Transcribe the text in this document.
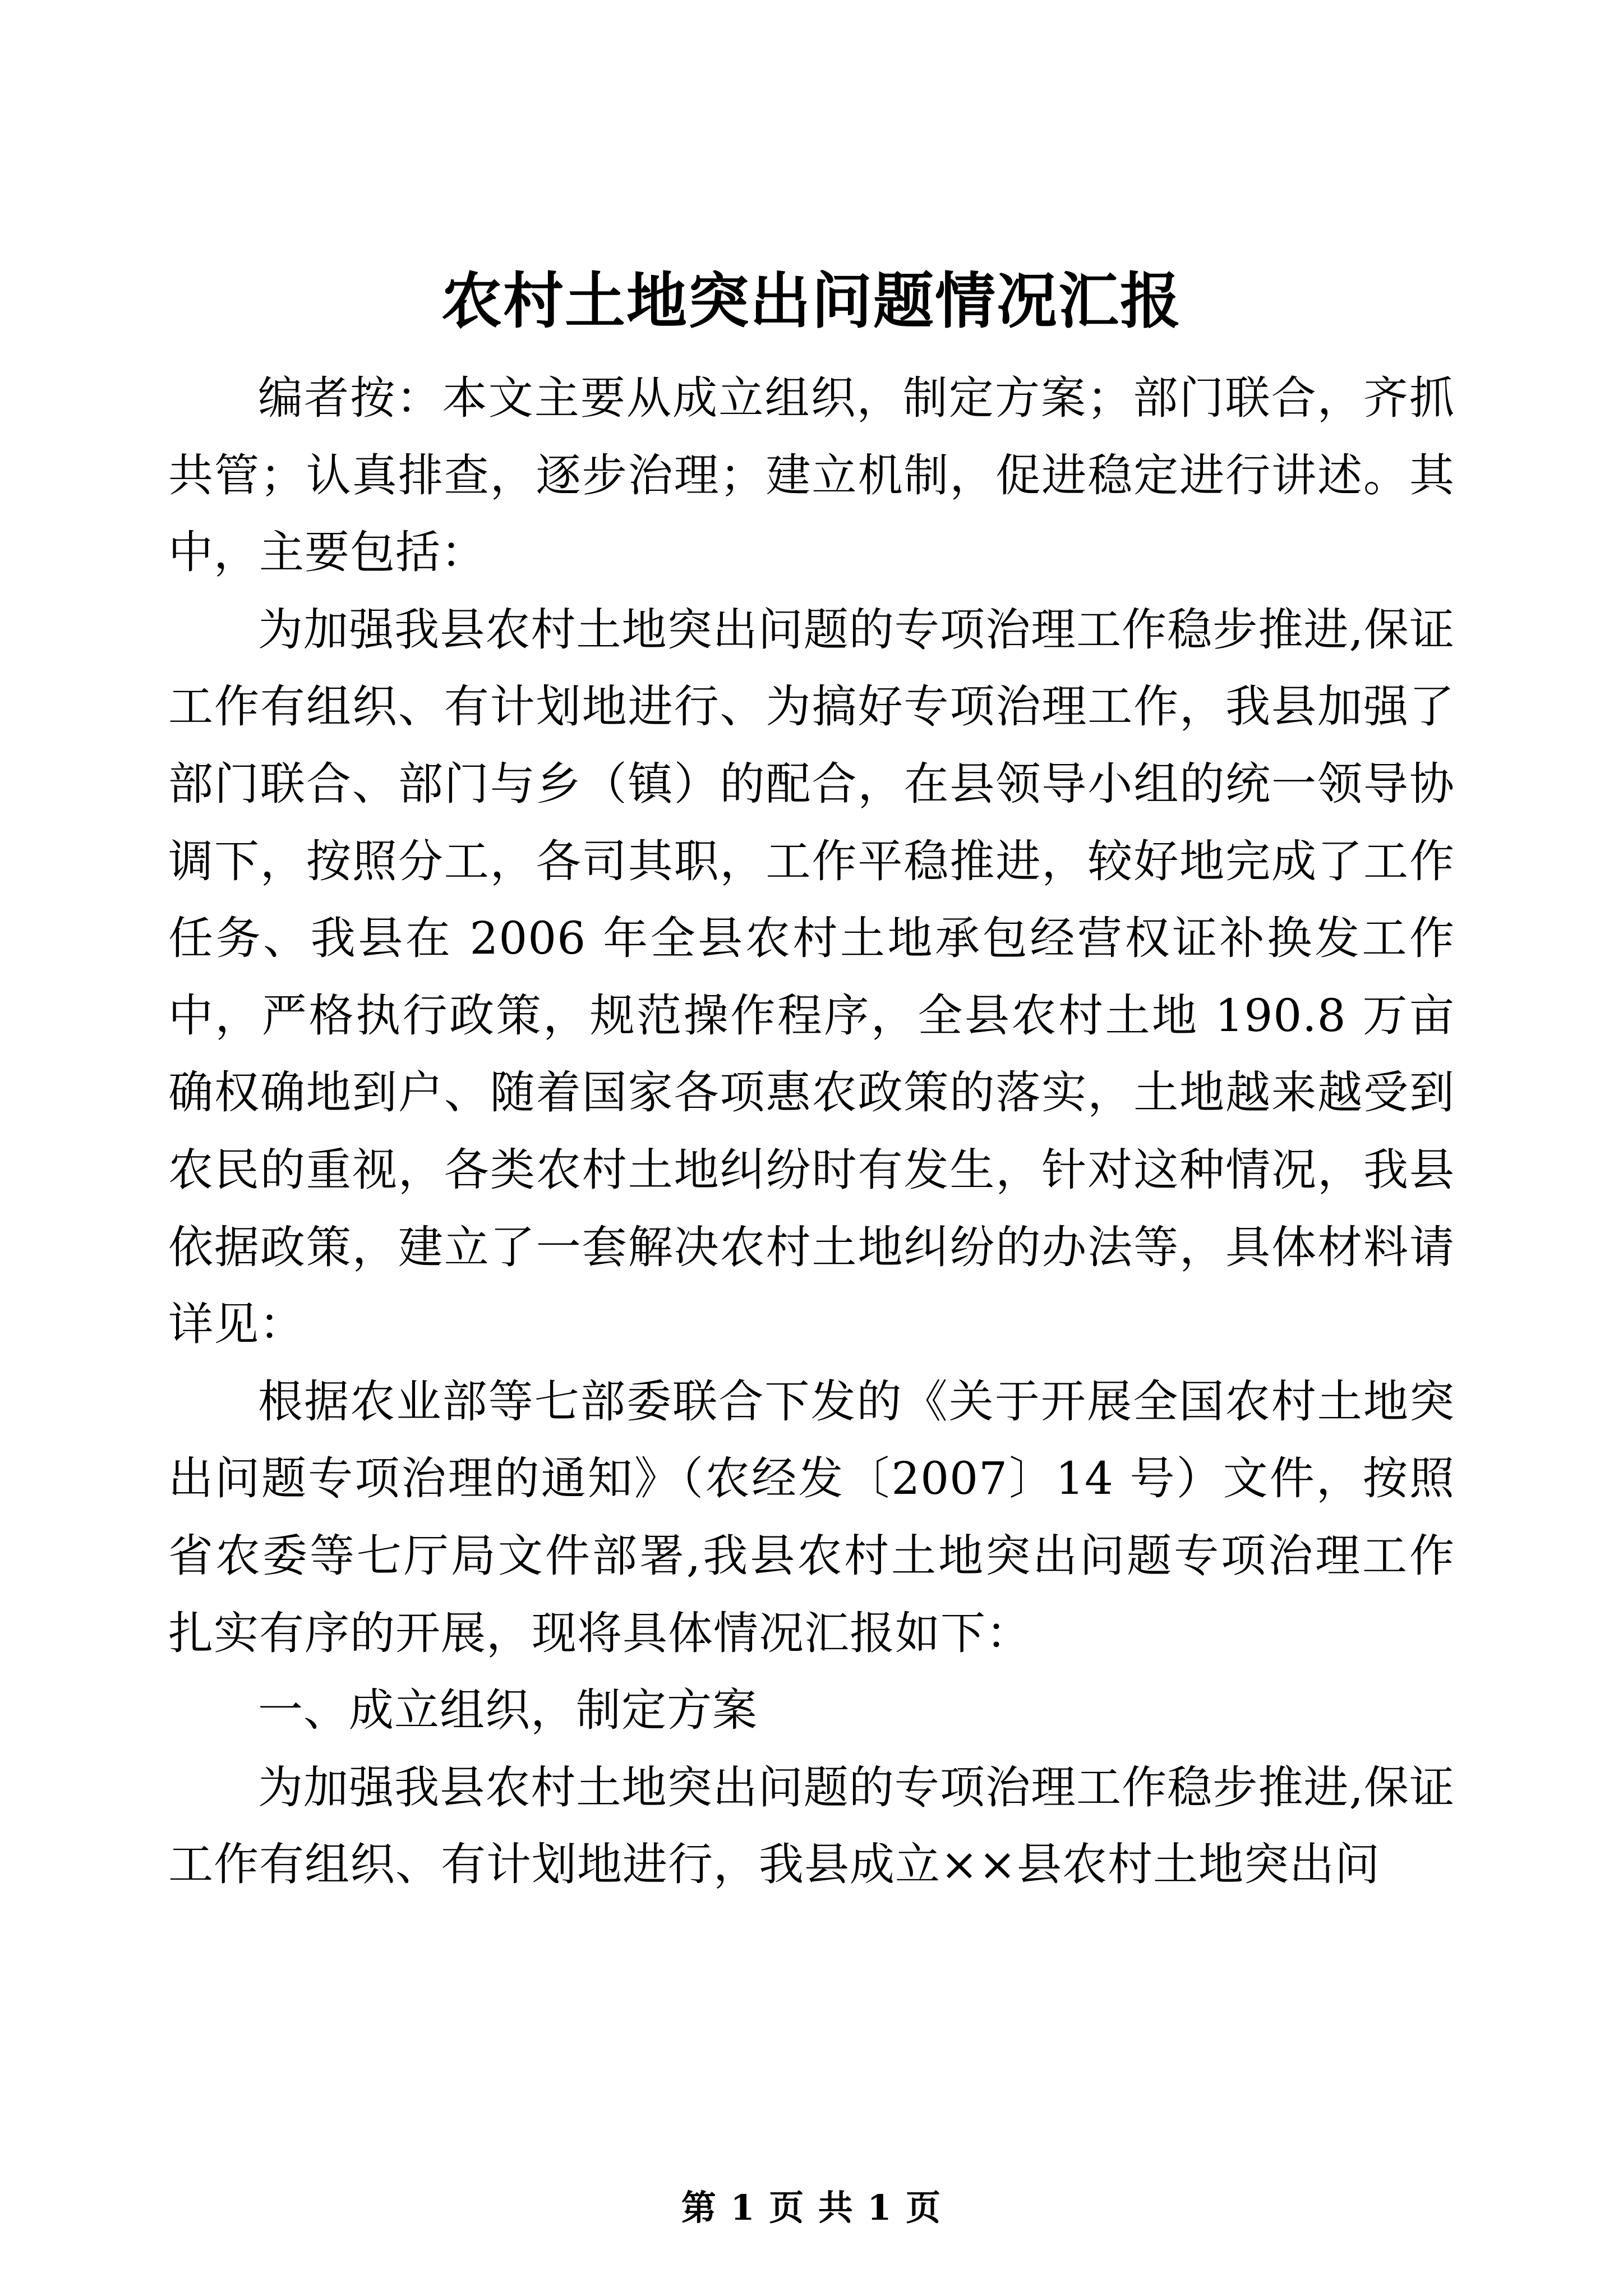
农村土地突出问题情况汇报

编者按：本文主要从成立组织，制定方案；部门联合，齐抓共管；认真排查，逐步治理；建立机制，促进稳定进行讲述。其中，主要包括：

为加强我县农村土地突出问题的专项治理工作稳步推进,保证工作有组织、有计划地进行、为搞好专项治理工作，我县加强了部门联合、部门与乡（镇）的配合，在县领导小组的统一领导协调下，按照分工，各司其职，工作平稳推进，较好地完成了工作任务、我县在 2006 年全县农村土地承包经营权证补换发工作中，严格执行政策，规范操作程序，全县农村土地 190.8 万亩确权确地到户、随着国家各项惠农政策的落实，土地越来越受到农民的重视，各类农村土地纠纷时有发生，针对这种情况，我县依据政策，建立了一套解决农村土地纠纷的办法等，具体材料请详见：

根据农业部等七部委联合下发的《关于开展全国农村土地突出问题专项治理的通知》（农经发〔2007〕14 号）文件，按照省农委等七厅局文件部署,我县农村土地突出问题专项治理工作扎实有序的开展，现将具体情况汇报如下：

一、成立组织，制定方案

为加强我县农村土地突出问题的专项治理工作稳步推进,保证工作有组织、有计划地进行，我县成立××县农村土地突出问

第 1 页 共 1 页
